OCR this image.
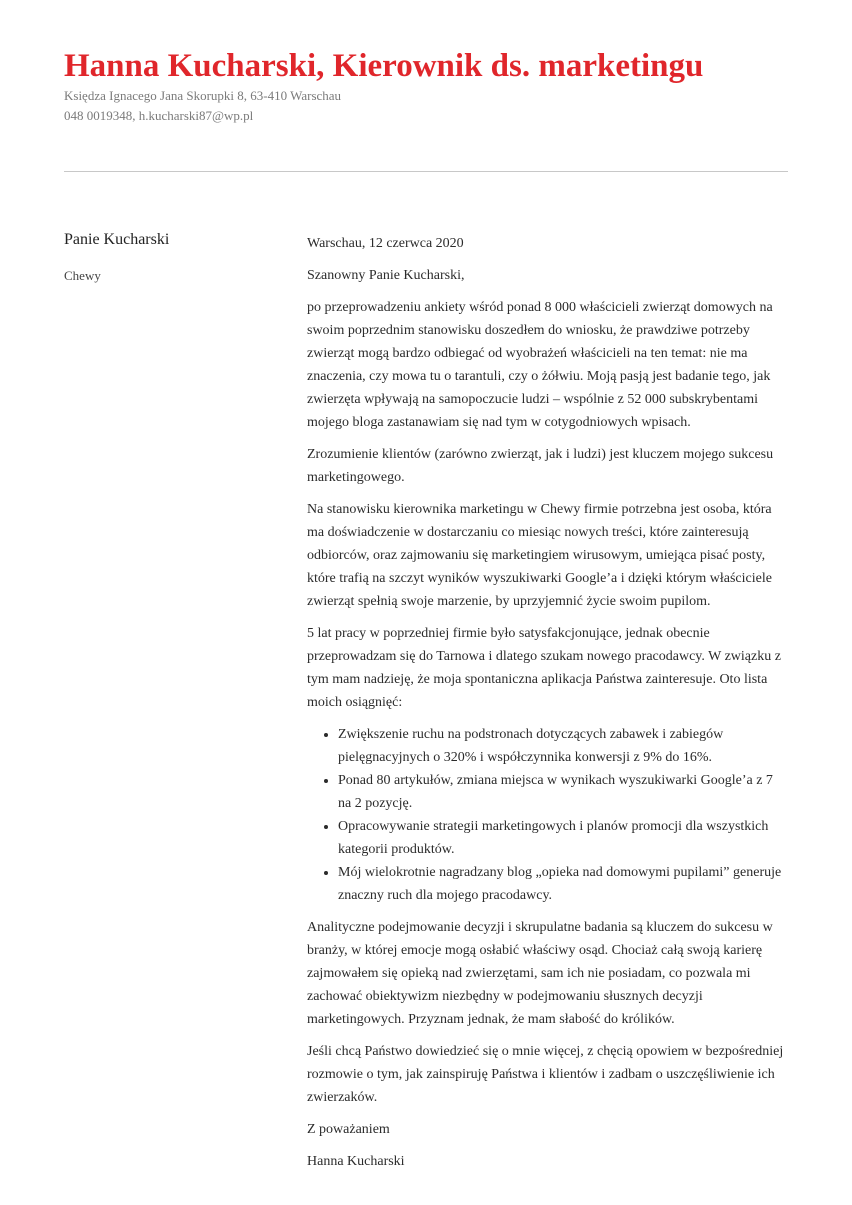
Hanna Kucharski, Kierownik ds. marketingu

Księdza Ignacego Jana Skorupki 8, 63-410 Warschau

048 0019348, h.kucharski87@wp.pl

Panie Kucharski

Chewy

Warschau, 12 czerwca 2020

Szanowny Panie Kucharski,

po przeprowadzeniu ankiety wśród ponad 8 000 właścicieli zwierząt domowych na swoim poprzednim stanowisku doszedłem do wniosku, że prawdziwe potrzeby zwierząt mogą bardzo odbiegać od wyobrażeń właścicieli na ten temat: nie ma znaczenia, czy mowa tu o tarantuli, czy o żółwiu. Moją pasją jest badanie tego, jak zwierzęta wpływają na samopoczucie ludzi – wspólnie z 52 000 subskrybentami mojego bloga zastanawiam się nad tym w cotygodniowych wpisach.

Zrozumienie klientów (zarówno zwierząt, jak i ludzi) jest kluczem mojego sukcesu marketingowego.

Na stanowisku kierownika marketingu w Chewy firmie potrzebna jest osoba, która ma doświadczenie w dostarczaniu co miesiąc nowych treści, które zainteresują odbiorców, oraz zajmowaniu się marketingiem wirusowym, umiejąca pisać posty, które trafią na szczyt wyników wyszukiwarki Google’a i dzięki którym właściciele zwierząt spełnią swoje marzenie, by uprzyjemnić życie swoim pupilom.

5 lat pracy w poprzedniej firmie było satysfakcjonujące, jednak obecnie przeprowadzam się do Tarnowa i dlatego szukam nowego pracodawcy. W związku z tym mam nadzieję, że moja spontaniczna aplikacja Państwa zainteresuje. Oto lista moich osiągnięć:

• Zwiększenie ruchu na podstronach dotyczących zabawek i zabiegów pielęgnacyjnych o 320% i współczynnika konwersji z 9% do 16%.
• Ponad 80 artykułów, zmiana miejsca w wynikach wyszukiwarki Google’a z 7 na 2 pozycję.
• Opracowywanie strategii marketingowych i planów promocji dla wszystkich kategorii produktów.
• Mój wielokrotnie nagradzany blog „opieka nad domowymi pupilami” generuje znaczny ruch dla mojego pracodawcy.

Analityczne podejmowanie decyzji i skrupulatne badania są kluczem do sukcesu w branży, w której emocje mogą osłabić właściwy osąd. Chociaż całą swoją karierę zajmowałem się opieką nad zwierzętami, sam ich nie posiadam, co pozwala mi zachować obiektywizm niezbędny w podejmowaniu słusznych decyzji marketingowych. Przyznam jednak, że mam słabość do królików.

Jeśli chcą Państwo dowiedzieć się o mnie więcej, z chęcią opowiem w bezpośredniej rozmowie o tym, jak zainspiruję Państwa i klientów i zadbam o uszczęśliwienie ich zwierzaków.

Z poważaniem

Hanna Kucharski
